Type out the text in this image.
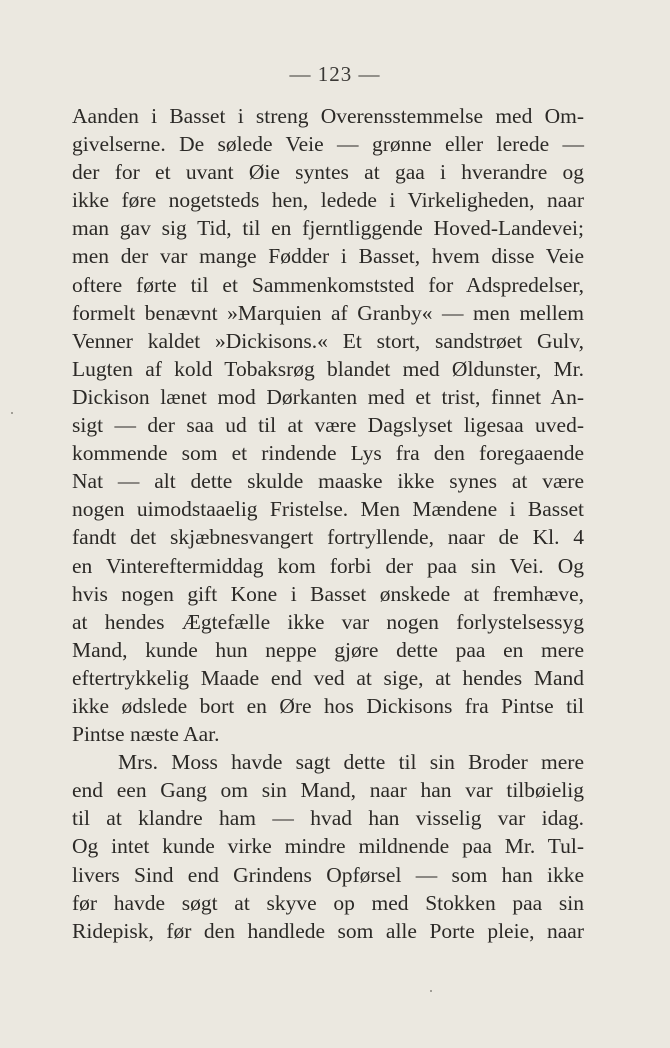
— 123 —
Aanden i Basset i streng Overensstemmelse med Om-
givelserne. De sølede Veie — grønne eller lerede —
der for et uvant Øie syntes at gaa i hverandre og
ikke føre nogetsteds hen, ledede i Virkeligheden, naar
man gav sig Tid, til en fjerntliggende Hoved-Landevei;
men der var mange Fødder i Basset, hvem disse Veie
oftere førte til et Sammenkomststed for Adspredelser,
formelt benævnt »Marquien af Granby« — men mellem
Venner kaldet »Dickisons.« Et stort, sandstrøet Gulv,
Lugten af kold Tobaksrøg blandet med Øldunster, Mr.
Dickison lænet mod Dørkanten med et trist, finnet An-
sigt — der saa ud til at være Dagslyset ligesaa uved-
kommende som et rindende Lys fra den foregaaende
Nat — alt dette skulde maaske ikke synes at være
nogen uimodstaaelig Fristelse. Men Mændene i Basset
fandt det skjæbnesvangert fortryllende, naar de Kl. 4
en Vintereftermiddag kom forbi der paa sin Vei. Og
hvis nogen gift Kone i Basset ønskede at fremhæve,
at hendes Ægtefælle ikke var nogen forlystelsessyg
Mand, kunde hun neppe gjøre dette paa en mere
eftertrykkelig Maade end ved at sige, at hendes Mand
ikke ødslede bort en Øre hos Dickisons fra Pintse til
Pintse næste Aar.
Mrs. Moss havde sagt dette til sin Broder mere
end een Gang om sin Mand, naar han var tilbøielig
til at klandre ham — hvad han visselig var idag.
Og intet kunde virke mindre mildnende paa Mr. Tul-
livers Sind end Grindens Opførsel — som han ikke
før havde søgt at skyve op med Stokken paa sin
Ridepisk, før den handlede som alle Porte pleie, naar
